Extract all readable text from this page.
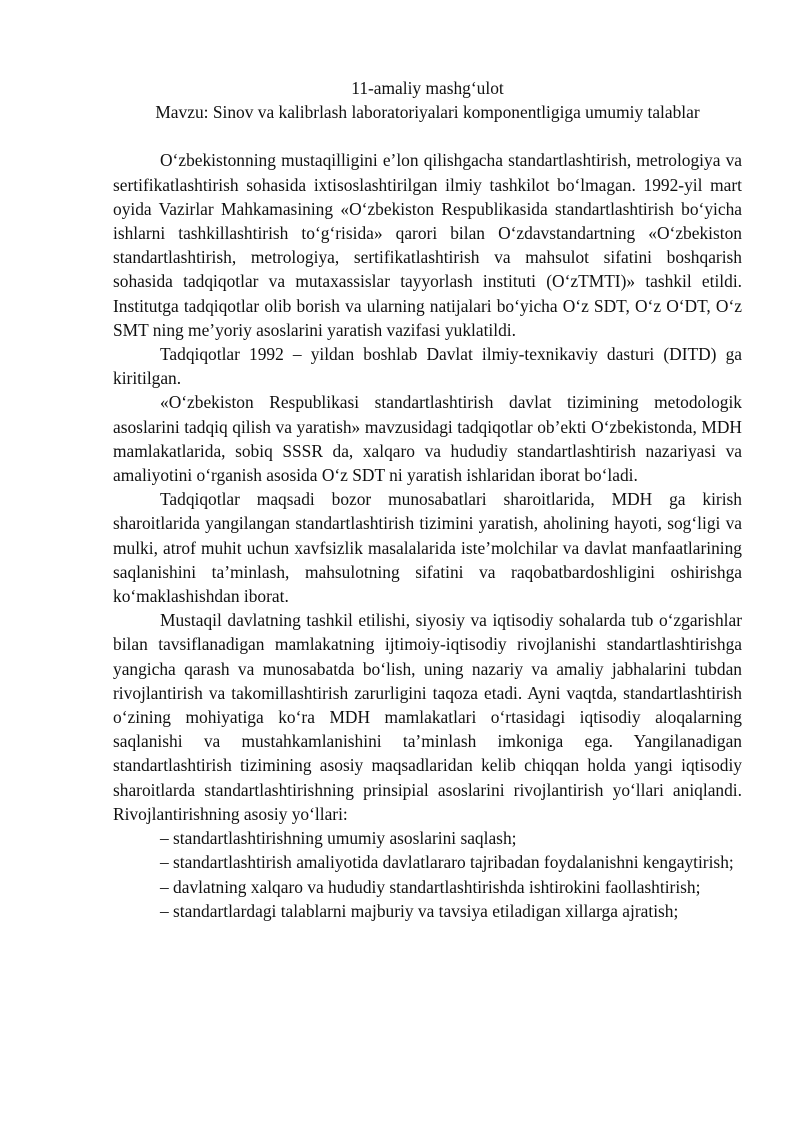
11-amaliy mashg‘ulot

Mavzu: Sinov va kalibrlash laboratoriyalari komponentligiga umumiy talablar

O‘zbekistonning mustaqilligini e’lon qilishgacha standartlashtirish, metrologiya va sertifikatlashtirish sohasida ixtisoslashtirilgan ilmiy tashkilot bo‘lmagan. 1992-yil mart oyida Vazirlar Mahkamasining «O‘zbekiston Respublikasida standartlashtirish bo‘yicha ishlarni tashkillashtirish to‘g‘risida» qarori bilan O‘zdavstandartning «O‘zbekiston standartlashtirish, metrologiya, sertifikatlashtirish va mahsulot sifatini boshqarish sohasida tadqiqotlar va mutaxassislar tayyorlash instituti (O‘zTMTI)» tashkil etildi. Institutga tadqiqotlar olib borish va ularning natijalari bo‘yicha O‘z SDT, O‘z O‘DT, O‘z SMT ning me’yoriy asoslarini yaratish vazifasi yuklatildi.

Tadqiqotlar 1992 – yildan boshlab Davlat ilmiy-texnikaviy dasturi (DITD) ga kiritilgan.

«O‘zbekiston Respublikasi standartlashtirish davlat tizimining metodologik asoslarini tadqiq qilish va yaratish» mavzusidagi tadqiqotlar ob’ekti O‘zbekistonda, MDH mamlakatlarida, sobiq SSSR da, xalqaro va hududiy standartlashtirish nazariyasi va amaliyotini o‘rganish asosida O‘z SDT ni yaratish ishlaridan iborat bo‘ladi.

Tadqiqotlar maqsadi bozor munosabatlari sharoitlarida, MDH ga kirish sharoitlarida yangilangan standartlashtirish tizimini yaratish, aholining hayoti, sog‘ligi va mulki, atrof muhit uchun xavfsizlik masalalarida iste’molchilar va davlat manfaatlarining saqlanishini ta’minlash, mahsulotning sifatini va raqobatbardoshligini oshirishga ko‘maklashishdan iborat.

Mustaqil davlatning tashkil etilishi, siyosiy va iqtisodiy sohalarda tub o‘zgarishlar bilan tavsiflanadigan mamlakatning ijtimoiy-iqtisodiy rivojlanishi standartlashtirishga yangicha qarash va munosabatda bo‘lish, uning nazariy va amaliy jabhalarini tubdan rivojlantirish va takomillashtirish zarurligini taqoza etadi. Ayni vaqtda, standartlashtirish o‘zining mohiyatiga ko‘ra MDH mamlakatlari o‘rtasidagi iqtisodiy aloqalarning saqlanishi va mustahkamlanishini ta’minlash imkoniga ega. Yangilanadigan standartlashtirish tizimining asosiy maqsadlaridan kelib chiqqan holda yangi iqtisodiy sharoitlarda standartlashtirishning prinsipial asoslarini rivojlantirish yo‘llari aniqlandi. Rivojlantirishning asosiy yo‘llari:

– standartlashtirishning umumiy asoslarini saqlash;

– standartlashtirish amaliyotida davlatlararo tajribadan foydalanishni kengaytirish;

– davlatning xalqaro va hududiy standartlashtirishda ishtirokini faollashtirish;

– standartlardagi talablarni majburiy va tavsiya etiladigan xillarga ajratish;
